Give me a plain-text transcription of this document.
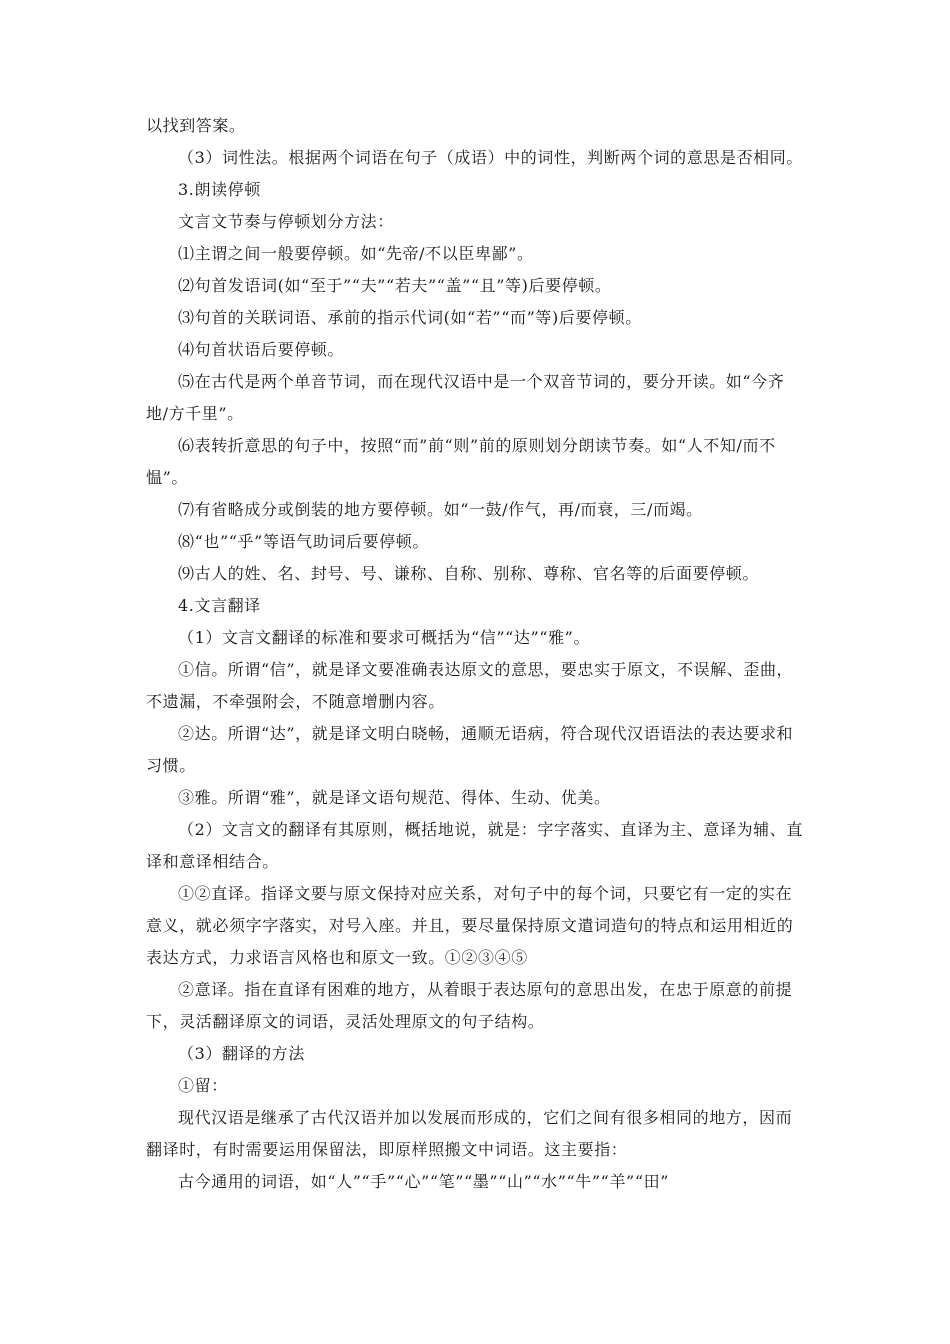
以找到答案。

（3）词性法。根据两个词语在句子（成语）中的词性，判断两个词的意思是否相同。

3.朗读停顿

文言文节奏与停顿划分方法：

⑴主谓之间一般要停顿。如“先帝/不以臣卑鄙”。

⑵句首发语词(如“至于”“夫”“若夫”“盖”“且”等)后要停顿。

⑶句首的关联词语、承前的指示代词(如“若”“而”等)后要停顿。

⑷句首状语后要停顿。

⑸在古代是两个单音节词，而在现代汉语中是一个双音节词的，要分开读。如“今齐地/方千里”。

⑹表转折意思的句子中，按照“而”前“则”前的原则划分朗读节奏。如“人不知/而不愠”。

⑺有省略成分或倒装的地方要停顿。如“一鼓/作气，再/而衰，三/而竭。

⑻“也”“乎”等语气助词后要停顿。

⑼古人的姓、名、封号、号、谦称、自称、别称、尊称、官名等的后面要停顿。

4.文言翻译

（1）文言文翻译的标准和要求可概括为“信”“达”“雅”。

①信。所谓“信”，就是译文要准确表达原文的意思，要忠实于原文，不误解、歪曲，不遗漏，不牵强附会，不随意增删内容。

②达。所谓“达”，就是译文明白晓畅，通顺无语病，符合现代汉语语法的表达要求和习惯。

③雅。所谓“雅”，就是译文语句规范、得体、生动、优美。

（2）文言文的翻译有其原则，概括地说，就是：字字落实、直译为主、意译为辅、直译和意译相结合。

①②直译。指译文要与原文保持对应关系，对句子中的每个词，只要它有一定的实在意义，就必须字字落实，对号入座。并且，要尽量保持原文遣词造句的特点和运用相近的表达方式，力求语言风格也和原文一致。①②③④⑤

②意译。指在直译有困难的地方，从着眼于表达原句的意思出发，在忠于原意的前提下，灵活翻译原文的词语，灵活处理原文的句子结构。

（3）翻译的方法

①留：

现代汉语是继承了古代汉语并加以发展而形成的，它们之间有很多相同的地方，因而翻译时，有时需要运用保留法，即原样照搬文中词语。这主要指：

古今通用的词语，如“人”“手”“心”“笔”“墨”“山”“水”“牛”“羊”“田”
